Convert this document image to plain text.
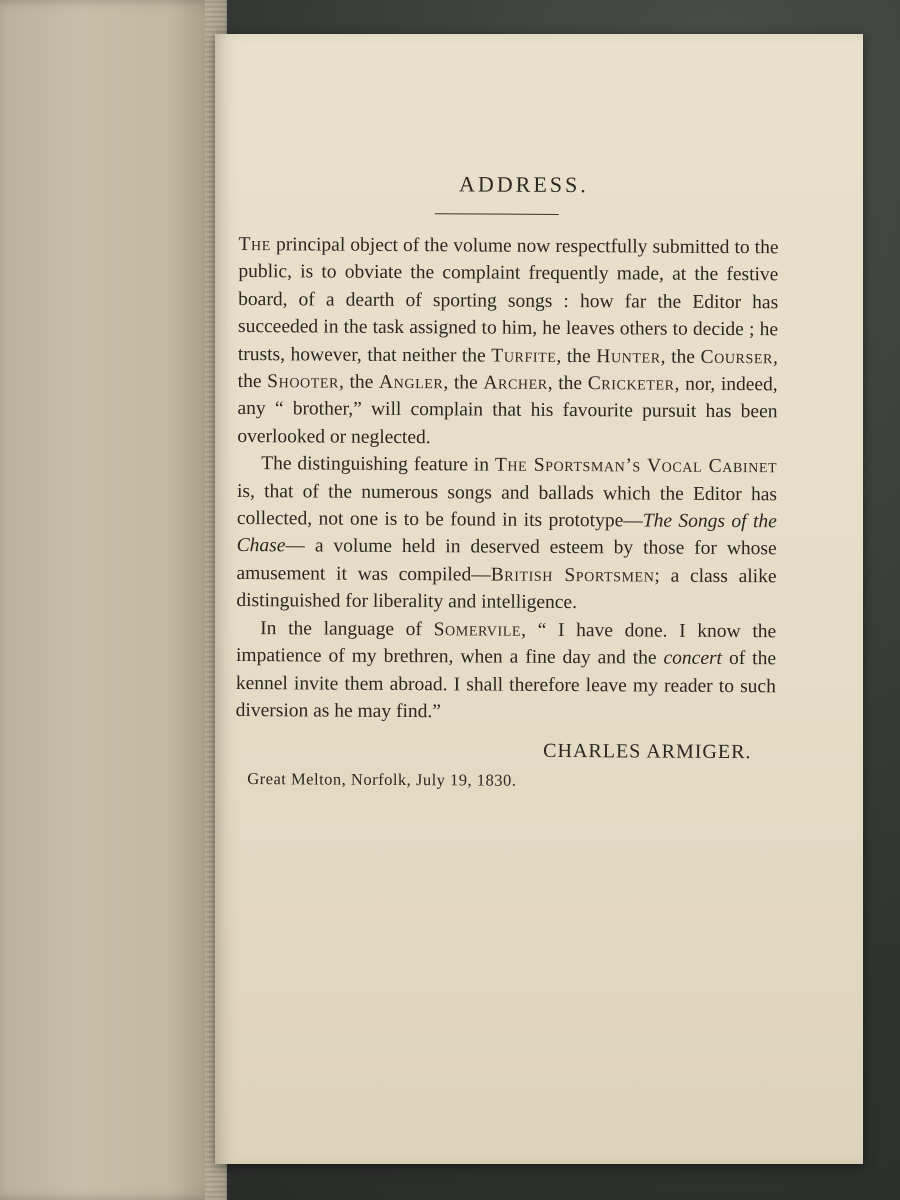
ADDRESS.

The principal object of the volume now respectfully submitted to the public, is to obviate the complaint frequently made, at the festive board, of a dearth of sporting songs : how far the Editor has succeeded in the task assigned to him, he leaves others to decide ; he trusts, however, that neither the Turfite, the Hunter, the Courser, the Shooter, the Angler, the Archer, the Cricketer, nor, indeed, any “ brother,” will complain that his favourite pursuit has been overlooked or neglected.

The distinguishing feature in The Sportsman’s Vocal Cabinet is, that of the numerous songs and ballads which the Editor has collected, not one is to be found in its prototype—The Songs of the Chase— a volume held in deserved esteem by those for whose amusement it was compiled—British Sportsmen; a class alike distinguished for liberality and intelligence.

In the language of Somervile, “ I have done. I know the impatience of my brethren, when a fine day and the concert of the kennel invite them abroad. I shall therefore leave my reader to such diversion as he may find.”

CHARLES ARMIGER.
Great Melton, Norfolk, July 19, 1830.
